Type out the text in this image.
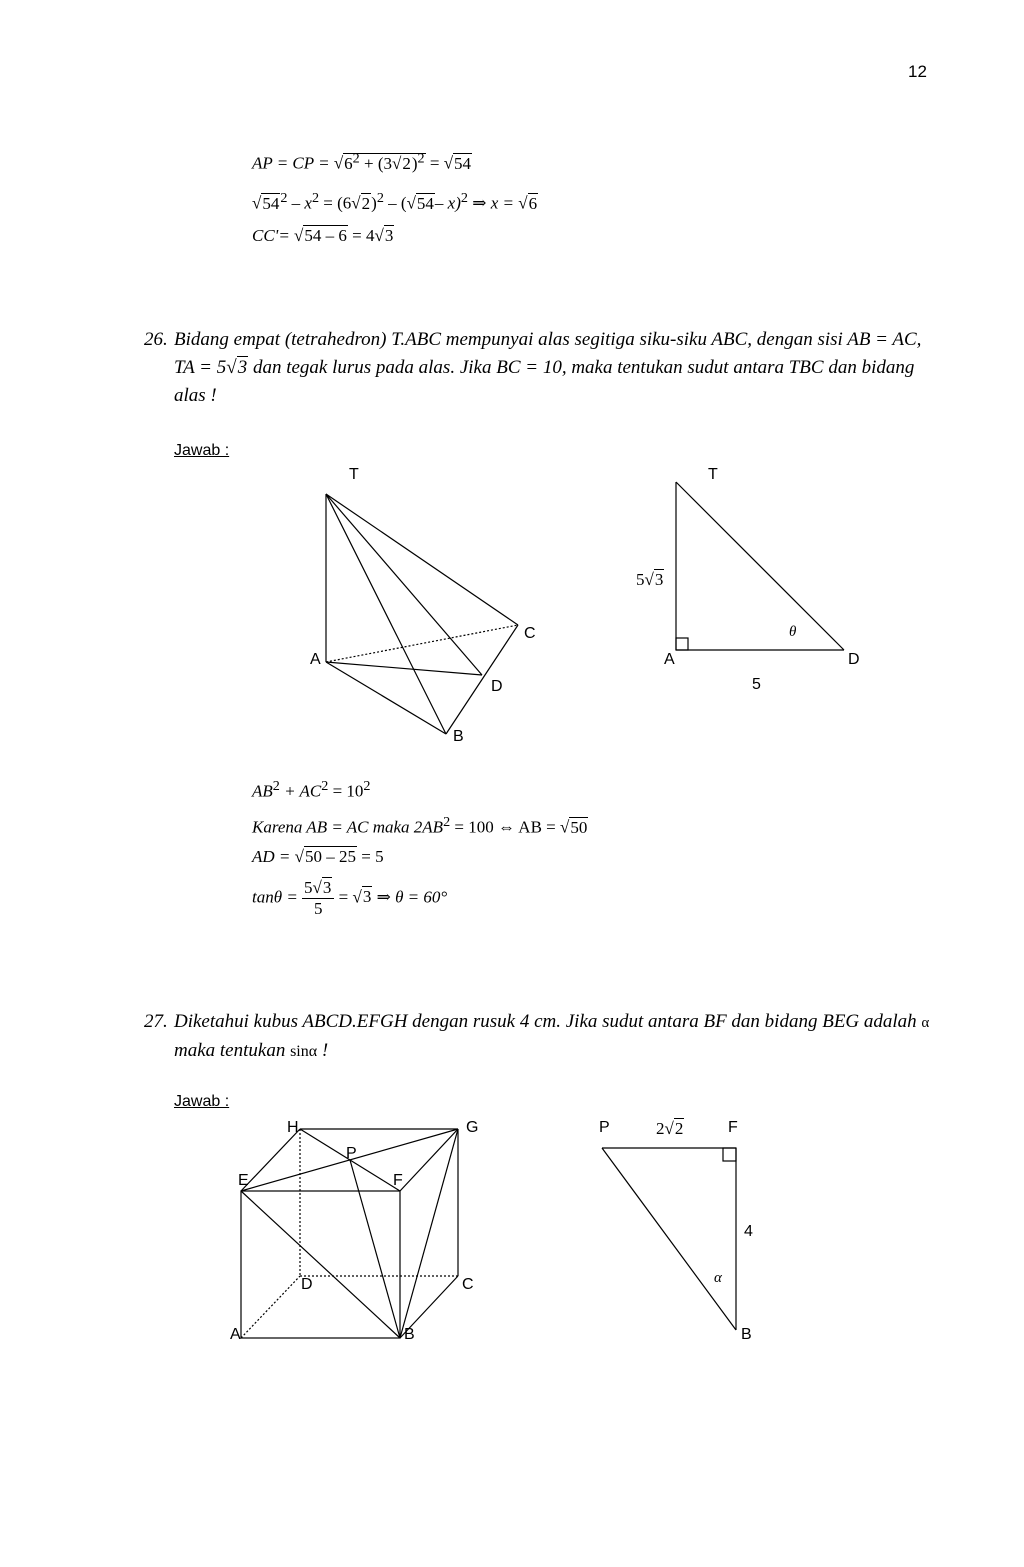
12
AP = CP = $√6^2 + (3√2)^2 = √54$
$√54^2 - x^2 = (6√2)^2 - (√54-$ x)$^2$ ⇒ x = √6
CC'= √54 – 6 = 4√3
26. Bidang empat (tetrahedron) T.ABC mempunyai alas segitiga siku-siku ABC, dengan sisi AB = AC, TA = 5√3 dan tegak lurus pada alas. Jika BC = 10, maka tentukan sudut antara TBC dan bidang alas !
Jawab :
T
A
C
D
B
T
A	D
5
5√3
θ
$AB^2 + AC^2 = 10^2$
Karena AB = AC maka $2AB^2 = 100$ ⇔ AB = √50
AD = √50 – 25 = 5
$\tan\theta = \frac{5√3}{5} = √3$ ⇒ θ = 60°
27. Diketahui kubus ABCD.EFGH dengan rusuk 4 cm. Jika sudut antara BF dan bidang BEG adalah α maka tentukan sinα !
Jawab :
H	G
P
E	F
D	C
A	B
P	F
B
4
2√2
α
